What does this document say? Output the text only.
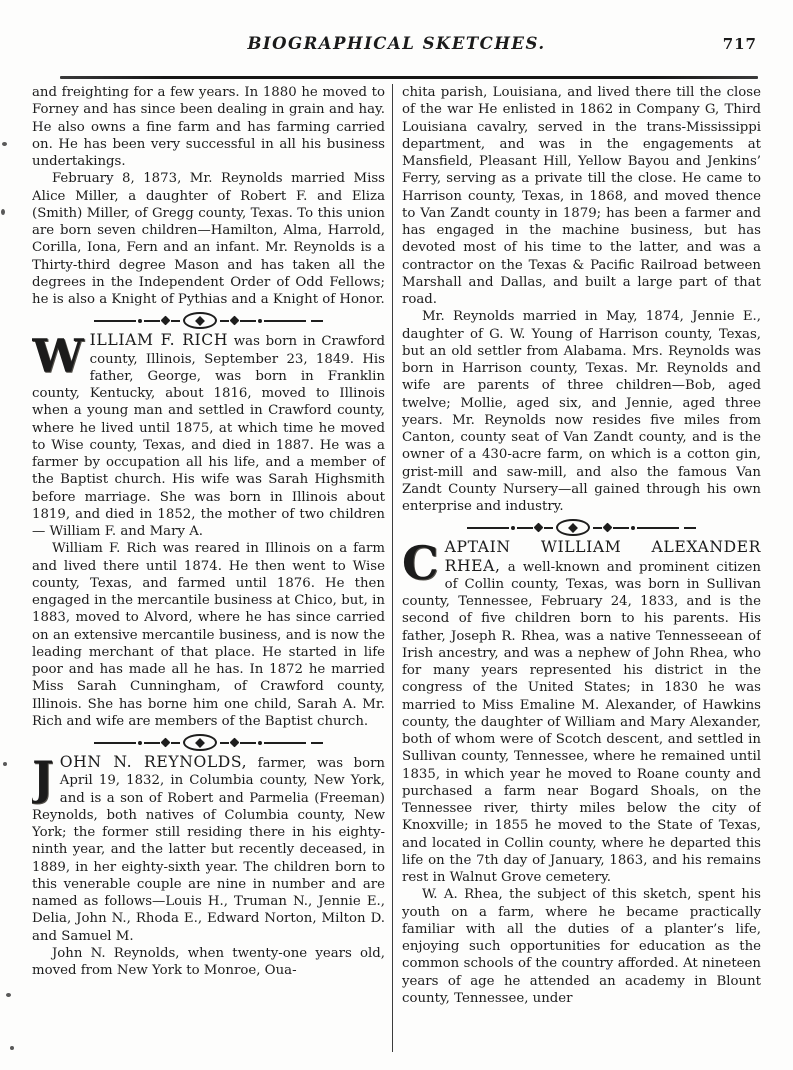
BIOGRAPHICAL SKETCHES.	717

and freighting for a few years. In 1880 he moved to Forney and has since been dealing in grain and hay. He also owns a fine farm and has farming carried on. He has been very successful in all his business undertakings.

February 8, 1873, Mr. Reynolds married Miss Alice Miller, a daughter of Robert F. and Eliza (Smith) Miller, of Gregg county, Texas. To this union are born seven children—Hamilton, Alma, Harrold, Corilla, Iona, Fern and an infant. Mr. Reynolds is a Thirty-third degree Mason and has taken all the degrees in the Independent Order of Odd Fellows; he is also a Knight of Pythias and a Knight of Honor.

WILLIAM F. RICH was born in Crawford county, Illinois, September 23, 1849. His father, George, was born in Franklin county, Kentucky, about 1816, moved to Illinois when a young man and settled in Crawford county, where he lived until 1875, at which time he moved to Wise county, Texas, and died in 1887. He was a farmer by occupation all his life, and a member of the Baptist church. His wife was Sarah Highsmith before marriage. She was born in Illinois about 1819, and died in 1852, the mother of two children— William F. and Mary A.

William F. Rich was reared in Illinois on a farm and lived there until 1874. He then went to Wise county, Texas, and farmed until 1876. He then engaged in the mercantile business at Chico, but, in 1883, moved to Alvord, where he has since carried on an extensive mercantile business, and is now the leading merchant of that place. He started in life poor and has made all he has. In 1872 he married Miss Sarah Cunningham, of Crawford county, Illinois. She has borne him one child, Sarah A. Mr. Rich and wife are members of the Baptist church.

JOHN N. REYNOLDS, farmer, was born April 19, 1832, in Columbia county, New York, and is a son of Robert and Parmelia (Freeman) Reynolds, both natives of Columbia county, New York; the former still residing there in his eighty-ninth year, and the latter but recently deceased, in 1889, in her eighty-sixth year. The children born to this venerable couple are nine in number and are named as follows—Louis H., Truman N., Jennie E., Delia, John N., Rhoda E., Edward Norton, Milton D. and Samuel M.

John N. Reynolds, when twenty-one years old, moved from New York to Monroe, Oua-

chita parish, Louisiana, and lived there till the close of the war He enlisted in 1862 in Company G, Third Louisiana cavalry, served in the trans-Mississippi department, and was in the engagements at Mansfield, Pleasant Hill, Yellow Bayou and Jenkins’ Ferry, serving as a private till the close. He came to Harrison county, Texas, in 1868, and moved thence to Van Zandt county in 1879; has been a farmer and has engaged in the machine business, but has devoted most of his time to the latter, and was a contractor on the Texas & Pacific Railroad between Marshall and Dallas, and built a large part of that road.

Mr. Reynolds married in May, 1874, Jennie E., daughter of G. W. Young of Harrison county, Texas, but an old settler from Alabama. Mrs. Reynolds was born in Harrison county, Texas. Mr. Reynolds and wife are parents of three children—Bob, aged twelve; Mollie, aged six, and Jennie, aged three years. Mr. Reynolds now resides five miles from Canton, county seat of Van Zandt county, and is the owner of a 430-acre farm, on which is a cotton gin, grist-mill and saw-mill, and also the famous Van Zandt County Nursery—all gained through his own enterprise and industry.

CAPTAIN WILLIAM ALEXANDER RHEA, a well-known and prominent citizen of Collin county, Texas, was born in Sullivan county, Tennessee, February 24, 1833, and is the second of five children born to his parents. His father, Joseph R. Rhea, was a native Tennesseean of Irish ancestry, and was a nephew of John Rhea, who for many years represented his district in the congress of the United States; in 1830 he was married to Miss Emaline M. Alexander, of Hawkins county, the daughter of William and Mary Alexander, both of whom were of Scotch descent, and settled in Sullivan county, Tennessee, where he remained until 1835, in which year he moved to Roane county and purchased a farm near Bogard Shoals, on the Tennessee river, thirty miles below the city of Knoxville; in 1855 he moved to the State of Texas, and located in Collin county, where he departed this life on the 7th day of January, 1863, and his remains rest in Walnut Grove cemetery.

W. A. Rhea, the subject of this sketch, spent his youth on a farm, where he became practically familiar with all the duties of a planter’s life, enjoying such opportunities for education as the common schools of the country afforded. At nineteen years of age he attended an academy in Blount county, Tennessee, under
